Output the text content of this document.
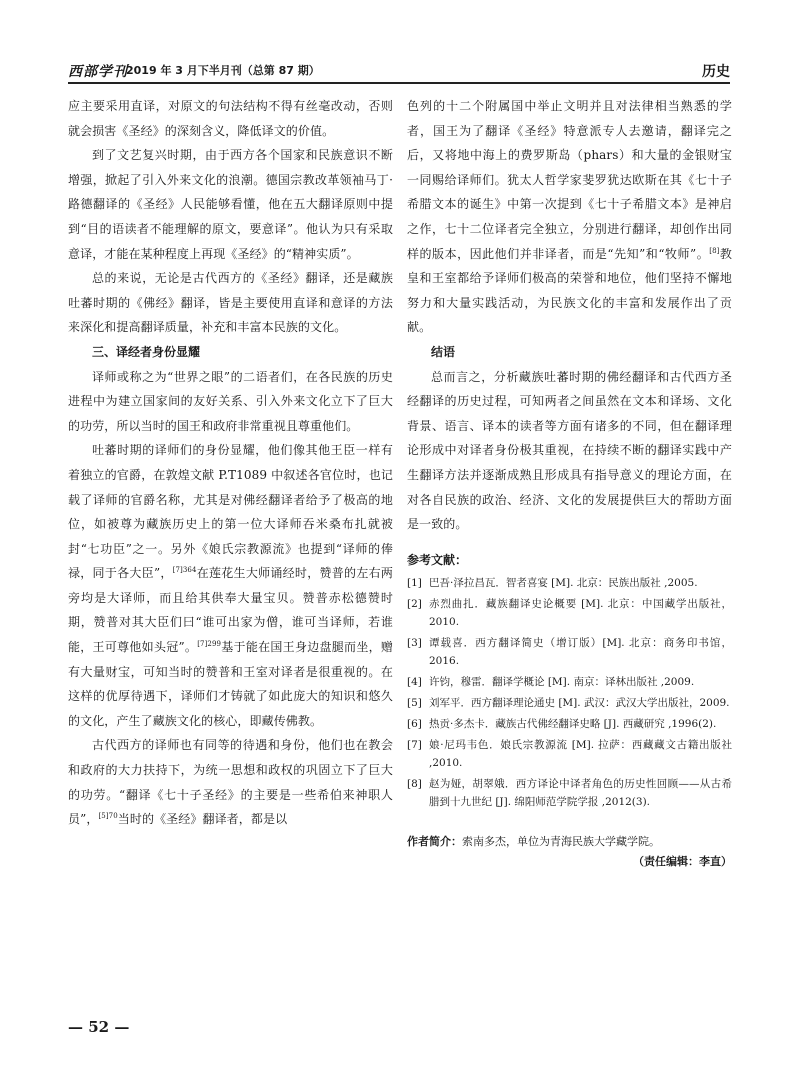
西部学刊
2019 年 3 月下半月刊（总第 87 期）	历史

应主要采用直译，对原文的句法结构不得有丝毫改动，否则就会损害《圣经》的深刻含义，降低译文的价值。

到了文艺复兴时期，由于西方各个国家和民族意识不断增强，掀起了引入外来文化的浪潮。德国宗教改革领袖马丁·路德翻译的《圣经》人民能够看懂，他在五大翻译原则中提到“目的语读者不能理解的原文，要意译”。他认为只有采取意译，才能在某种程度上再现《圣经》的“精神实质”。

总的来说，无论是古代西方的《圣经》翻译，还是藏族吐蕃时期的《佛经》翻译，皆是主要使用直译和意译的方法来深化和提高翻译质量，补充和丰富本民族的文化。

三、译经者身份显耀

译师或称之为“世界之眼”的二语者们，在各民族的历史进程中为建立国家间的友好关系、引入外来文化立下了巨大的功劳，所以当时的国王和政府非常重视且尊重他们。

吐蕃时期的译师们的身份显耀，他们像其他王臣一样有着独立的官爵，在敦煌文献 P.T1089 中叙述各官位时，也记载了译师的官爵名称，尤其是对佛经翻译者给予了极高的地位，如被尊为藏族历史上的第一位大译师吞米桑布扎就被封“七功臣”之一。另外《娘氏宗教源流》也提到“译师的俸禄，同于各大臣”，$^{[7]364}$在莲花生大师诵经时，赞普的左右两旁均是大译师，而且给其供奉大量宝贝。赞普赤松德赞时期，赞普对其大臣们曰“谁可出家为僧，谁可当译师，若谁能，王可尊他如头冠”。$^{[7]299}$基于能在国王身边盘腿而坐，赠有大量财宝，可知当时的赞普和王室对译者是很重视的。在这样的优厚待遇下，译师们才铸就了如此庞大的知识和悠久的文化，产生了藏族文化的核心，即藏传佛教。

古代西方的译师也有同等的待遇和身份，他们也在教会和政府的大力扶持下，为统一思想和政权的巩固立下了巨大的功劳。“翻译《七十子圣经》的主要是一些希伯来神职人员”，$^{[5]70}$当时的《圣经》翻译者，都是以

色列的十二个附属国中举止文明并且对法律相当熟悉的学者，国王为了翻译《圣经》特意派专人去邀请，翻译完之后，又将地中海上的费罗斯岛（phars）和大量的金银财宝一同赐给译师们。犹太人哲学家斐罗犹达欧斯在其《七十子希腊文本的诞生》中第一次提到《七十子希腊文本》是神启之作，七十二位译者完全独立，分别进行翻译，却创作出同样的版本，因此他们并非译者，而是“先知”和“牧师”。[8]教皇和王室都给予译师们极高的荣誉和地位，他们坚持不懈地努力和大量实践活动，为民族文化的丰富和发展作出了贡献。

结语

总而言之，分析藏族吐蕃时期的佛经翻译和古代西方圣经翻译的历史过程，可知两者之间虽然在文本和译场、文化背景、语言、译本的读者等方面有诸多的不同，但在翻译理论形成中对译者身份极其重视，在持续不断的翻译实践中产生翻译方法并逐渐成熟且形成具有指导意义的理论方面，在对各自民族的政治、经济、文化的发展提供巨大的帮助方面是一致的。

参考文献：

[1] 巴吾·泽拉昌瓦．智者喜宴 [M]. 北京：民族出版社 ,2005.

[2] 赤烈曲扎．藏族翻译史论概要 [M]. 北京：中国藏学出版社，2010.

[3] 谭载喜．西方翻译简史（增订版）[M]. 北京：商务印书馆，2016.

[4] 许钧，穆雷．翻译学概论 [M]. 南京：译林出版社 ,2009.

[5] 刘军平．西方翻译理论通史 [M]. 武汉：武汉大学出版社，2009.

[6] 热贡·多杰卡．藏族古代佛经翻译史略 [J]. 西藏研究 ,1996(2).

[7] 娘·尼玛韦色．娘氏宗教源流 [M]. 拉萨：西藏藏文古籍出版社 ,2010.

[8] 赵为娅，胡翠娥．西方译论中译者角色的历史性回顾——从古希腊到十九世纪 [J]. 绵阳师范学院学报 ,2012(3).

作者简介：索南多杰，单位为青海民族大学藏学院。

（责任编辑：李直）

— 52 —
